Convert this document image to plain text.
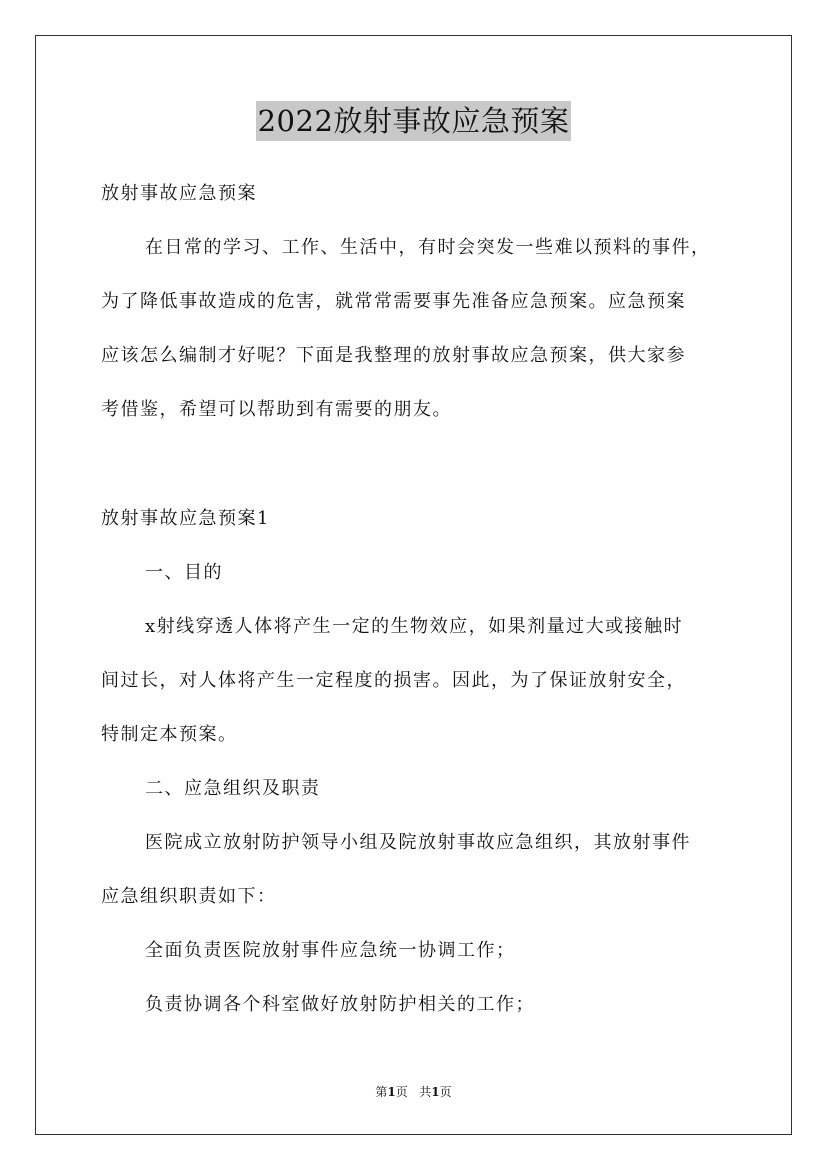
2022放射事故应急预案
放射事故应急预案
在日常的学习、工作、生活中，有时会突发一些难以预料的事件，
为了降低事故造成的危害，就常常需要事先准备应急预案。应急预案
应该怎么编制才好呢？下面是我整理的放射事故应急预案，供大家参
考借鉴，希望可以帮助到有需要的朋友。
放射事故应急预案1
一、目的
x射线穿透人体将产生一定的生物效应，如果剂量过大或接触时
间过长，对人体将产生一定程度的损害。因此，为了保证放射安全，
特制定本预案。
二、应急组织及职责
医院成立放射防护领导小组及院放射事故应急组织，其放射事件
应急组织职责如下：
全面负责医院放射事件应急统一协调工作；
负责协调各个科室做好放射防护相关的工作；
第1页 共1页
